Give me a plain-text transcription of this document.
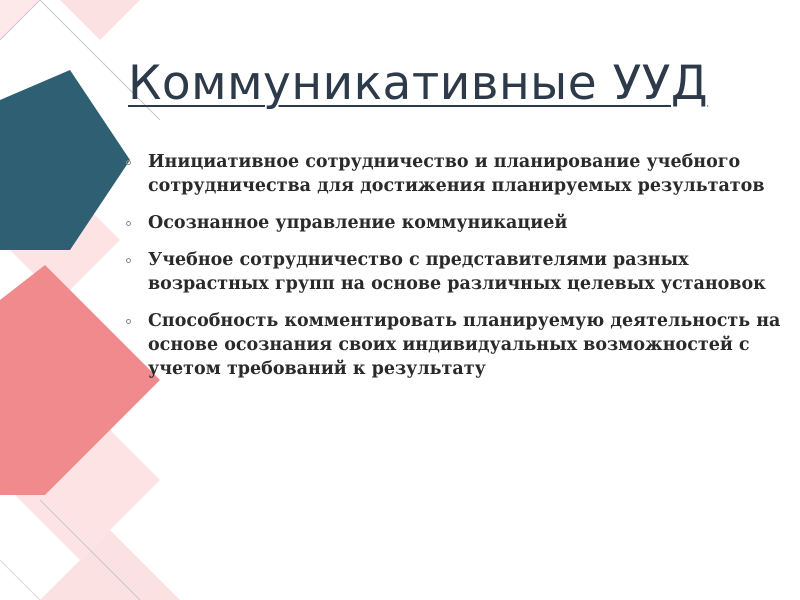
Коммуникативные УУД
Инициативное сотрудничество и планирование учебного сотрудничества для достижения планируемых результатов
Осознанное управление коммуникацией
Учебное сотрудничество с представителями разных возрастных групп на основе различных целевых установок
Способность комментировать планируемую деятельность на основе осознания своих индивидуальных возможностей с учетом требований к результату
